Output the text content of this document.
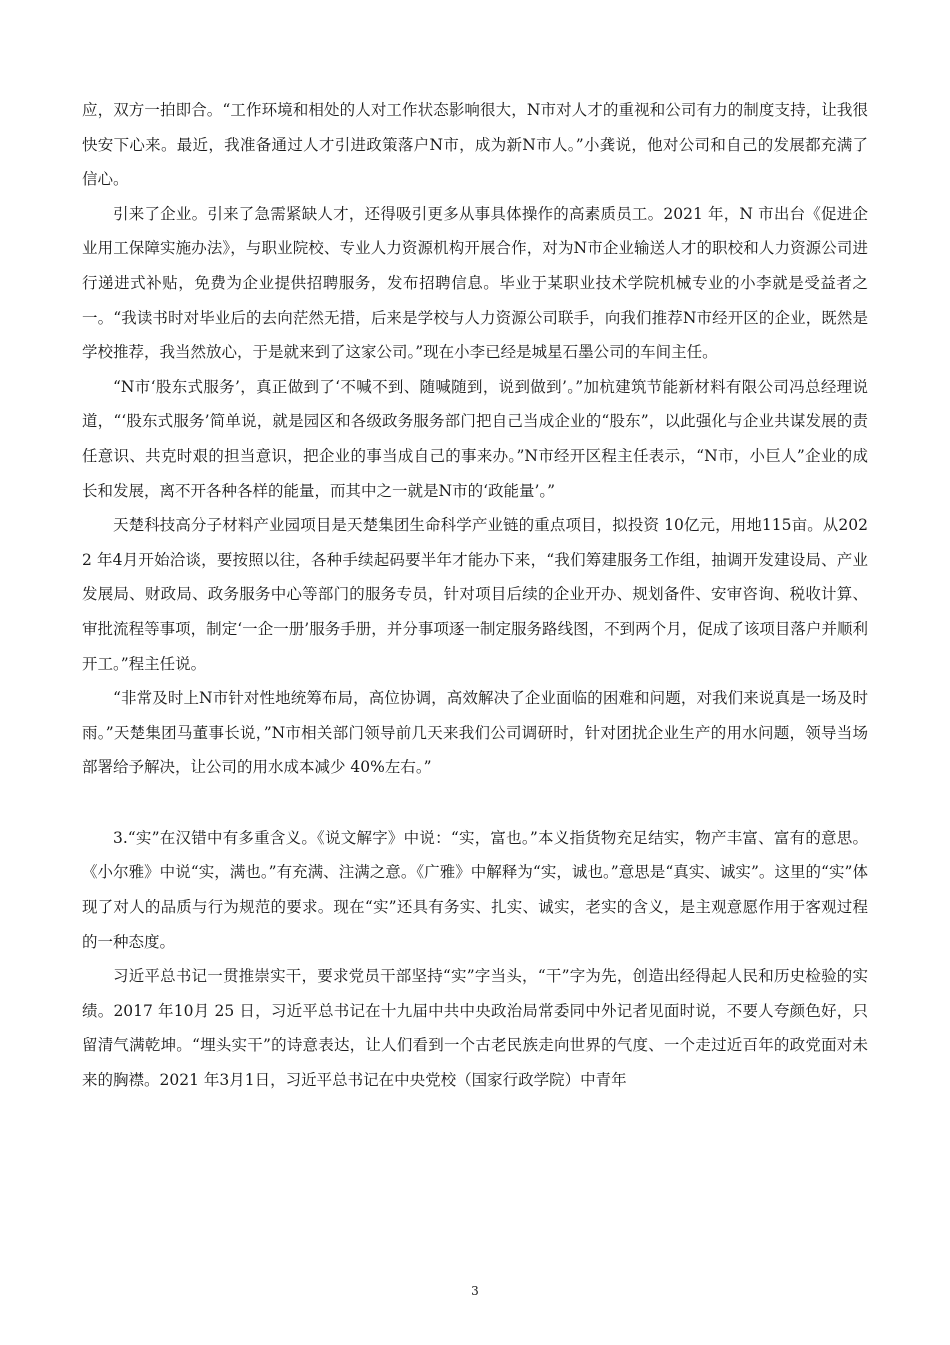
应，双方一拍即合。“工作环境和相处的人对工作状态影响很大，N市对人才的重视和公司有力的制度支持，让我很快安下心来。最近，我准备通过人才引进政策落户N市，成为新N市人。”小龚说，他对公司和自己的发展都充满了信心。

引来了企业。引来了急需紧缺人才，还得吸引更多从事具体操作的高素质员工。2021 年，N 市出台《促进企业用工保障实施办法》，与职业院校、专业人力资源机构开展合作，对为N市企业输送人才的职校和人力资源公司进行递进式补贴，免费为企业提供招聘服务，发布招聘信息。毕业于某职业技术学院机械专业的小李就是受益者之一。“我读书时对毕业后的去向茫然无措，后来是学校与人力资源公司联手，向我们推荐N市经开区的企业，既然是学校推荐，我当然放心，于是就来到了这家公司。”现在小李已经是城星石墨公司的车间主任。

“N市‘股东式服务’，真正做到了‘不喊不到、随喊随到，说到做到’。”加杭建筑节能新材料有限公司冯总经理说道，“‘股东式服务’简单说，就是园区和各级政务服务部门把自己当成企业的“股东”，以此强化与企业共谋发展的责任意识、共克时艰的担当意识，把企业的事当成自己的事来办。”N市经开区程主任表示，“N市，小巨人”企业的成长和发展，离不开各种各样的能量，而其中之一就是N市的‘政能量’。”

天楚科技高分子材料产业园项目是天楚集团生命科学产业链的重点项目，拟投资 10亿元，用地115亩。从2022 年4月开始洽谈，要按照以往，各种手续起码要半年才能办下来，“我们筹建服务工作组，抽调开发建设局、产业发展局、财政局、政务服务中心等部门的服务专员，针对项目后续的企业开办、规划备件、安审咨询、税收计算、审批流程等事项，制定‘一企一册’服务手册，并分事项逐一制定服务路线图，不到两个月，促成了该项目落户并顺利开工。”程主任说。

“非常及时上N市针对性地统筹布局，高位协调，高效解决了企业面临的困难和问题，对我们来说真是一场及时雨。”天楚集团马董事长说，”N市相关部门领导前几天来我们公司调研时，针对团扰企业生产的用水问题，领导当场部署给予解决，让公司的用水成本减少 40%左右。”

3.“实”在汉错中有多重含义。《说文解字》中说：“实，富也。”本义指货物充足结实，物产丰富、富有的意思。《小尔雅》中说“实，满也。”有充满、注满之意。《广雅》中解释为“实，诚也。”意思是“真实、诚实”。这里的“实”体现了对人的品质与行为规范的要求。现在“实”还具有务实、扎实、诚实，老实的含义，是主观意愿作用于客观过程的一种态度。

习近平总书记一贯推崇实干，要求党员干部坚持“实”字当头，“干”字为先，创造出经得起人民和历史检验的实绩。2017 年10月 25 日，习近平总书记在十九届中共中央政治局常委同中外记者见面时说，不要人夸颜色好，只留清气满乾坤。“埋头实干”的诗意表达，让人们看到一个古老民族走向世界的气度、一个走过近百年的政党面对未来的胸襟。2021 年3月1日，习近平总书记在中央党校（国家行政学院）中青年

3
